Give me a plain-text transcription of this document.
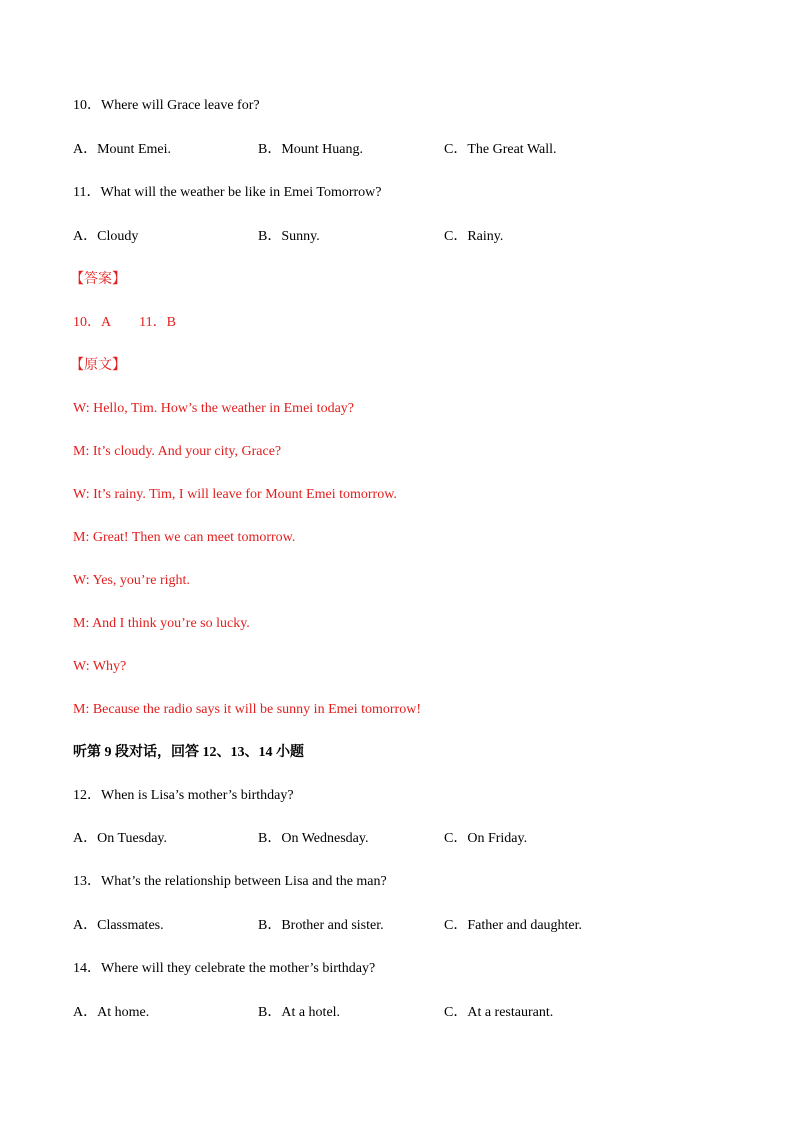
10．Where will Grace leave for?
A．Mount Emei.	B．Mount Huang.	C．The Great Wall.
11．What will the weather be like in Emei Tomorrow?
A．Cloudy	B．Sunny.	C．Rainy.
【答案】
10．A 11．B
【原文】
W: Hello, Tim. How’s the weather in Emei today?
M: It’s cloudy. And your city, Grace?
W: It’s rainy. Tim, I will leave for Mount Emei tomorrow.
M: Great! Then we can meet tomorrow.
W: Yes, you’re right.
M: And I think you’re so lucky.
W: Why?
M: Because the radio says it will be sunny in Emei tomorrow!
听第 9 段对话，回答 12、13、14 小题
12．When is Lisa’s mother’s birthday?
A．On Tuesday.	B．On Wednesday.	C．On Friday.
13．What’s the relationship between Lisa and the man?
A．Classmates.	B．Brother and sister.	C．Father and daughter.
14．Where will they celebrate the mother’s birthday?
A．At home.	B．At a hotel.	C．At a restaurant.
